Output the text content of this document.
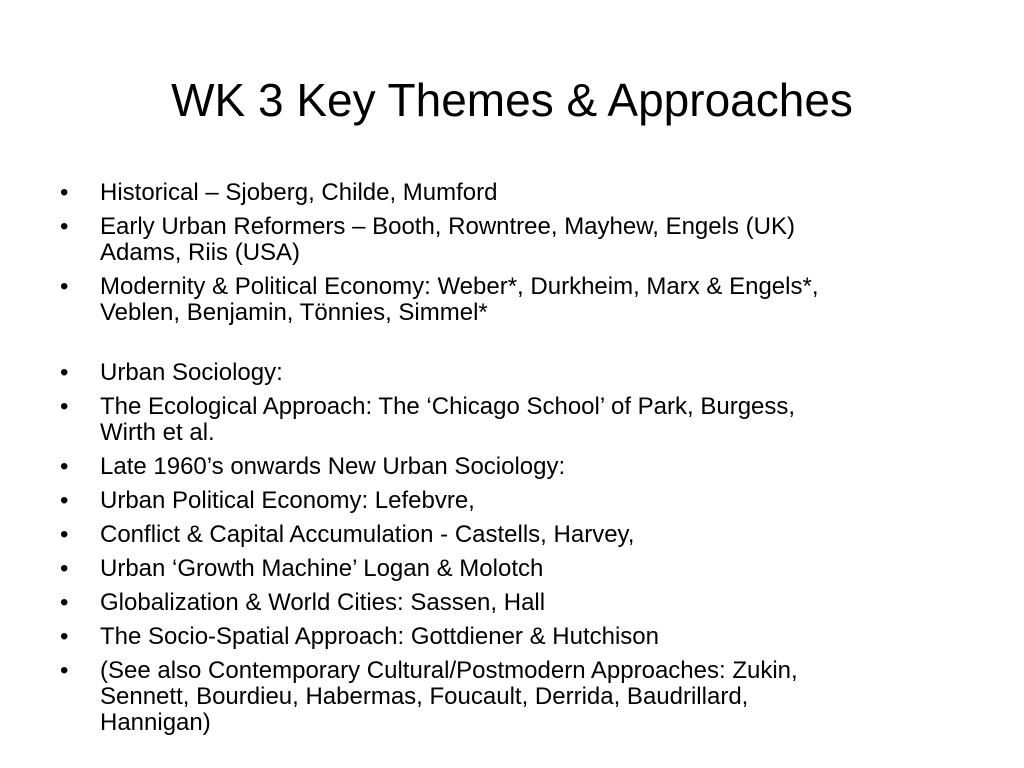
WK 3 Key Themes & Approaches
• Historical – Sjoberg, Childe, Mumford
• Early Urban Reformers – Booth, Rowntree, Mayhew, Engels (UK)
Adams, Riis (USA)
• Modernity & Political Economy: Weber*, Durkheim, Marx & Engels*,
Veblen, Benjamin, Tönnies, Simmel*
• Urban Sociology:
• The Ecological Approach: The ‘Chicago School’ of Park, Burgess,
Wirth et al.
• Late 1960’s onwards New Urban Sociology:
• Urban Political Economy: Lefebvre,
• Conflict & Capital Accumulation - Castells, Harvey,
• Urban ‘Growth Machine’ Logan & Molotch
• Globalization & World Cities: Sassen, Hall
• The Socio-Spatial Approach: Gottdiener & Hutchison
• (See also Contemporary Cultural/Postmodern Approaches: Zukin,
Sennett, Bourdieu, Habermas, Foucault, Derrida, Baudrillard,
Hannigan)
